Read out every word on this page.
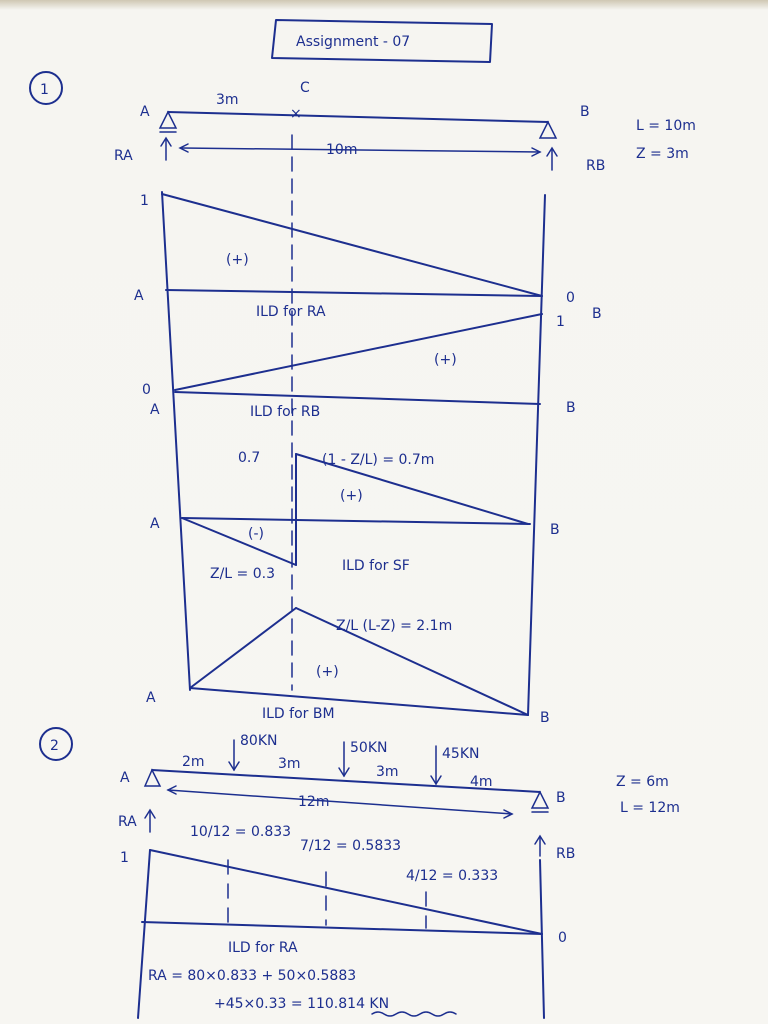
Assignment - 07
1
×
A
3m
C
B
10m
RA
RB
L = 10m
Z = 3m
1
0
A
B
(+)
ILD for RA
0
1
A	B
(+)
ILD for RB
0.7	(1 - Z/L) = 0.7m
(+)
(-)
Z/L = 0.3
A	B
ILD for SF
Z/L (L-Z) = 2.1m
(+)
A
B
ILD for BM
2	80KN	50KN	45KN
2m	3m	3m
4m
A
B
12m
RA
RB
Z = 6m
L = 12m
1
10/12 = 0.833
7/12 = 0.5833
4/12 = 0.333
0
ILD for RA
RA = 80×0.833 + 50×0.5883
+45×0.33 = 110.814 KN
